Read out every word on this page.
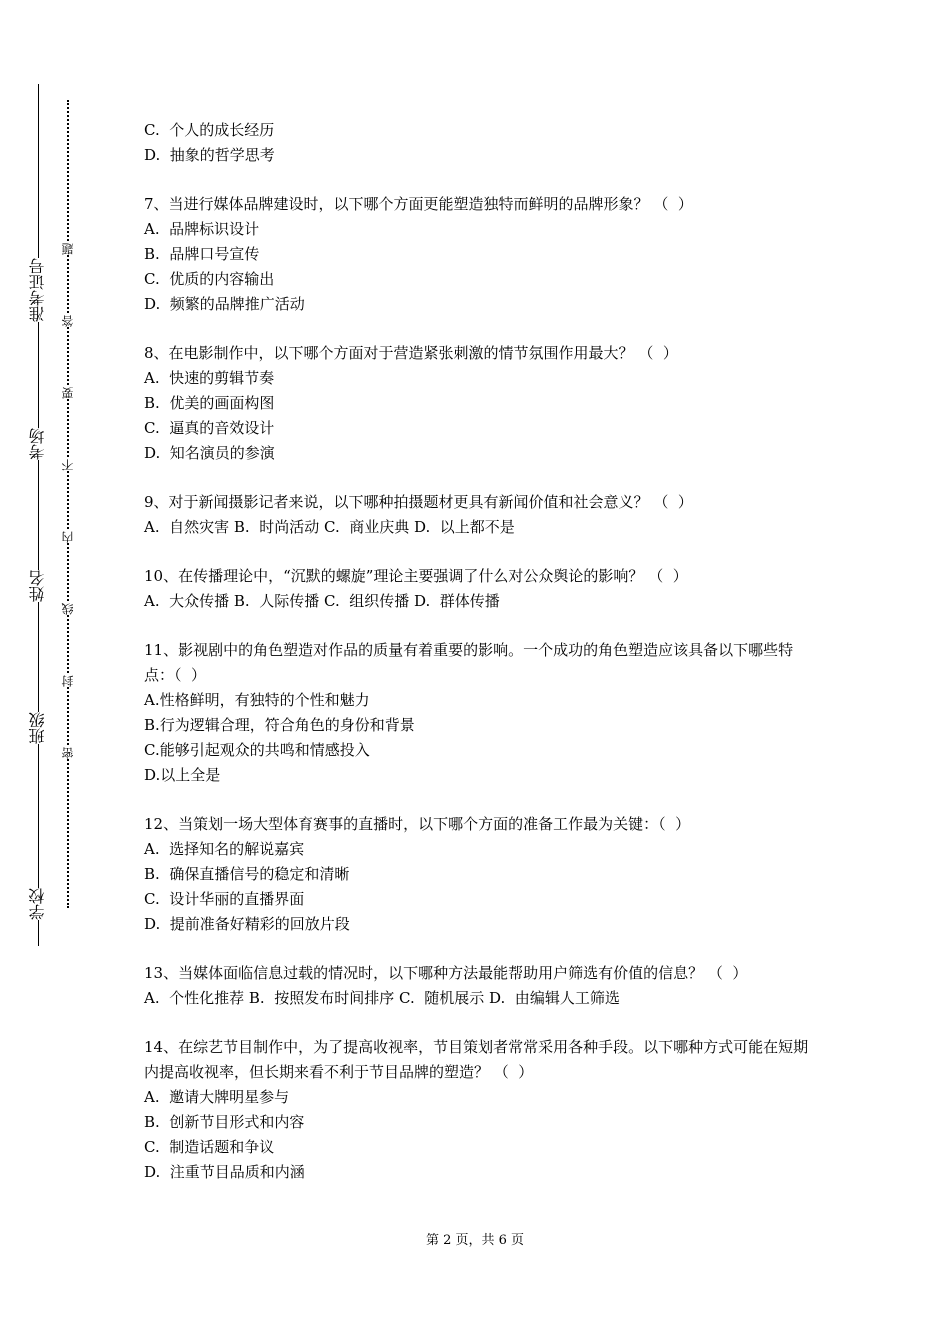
准考证号
考场
姓名
班级
学校
题
答
要
不
内
线
封
密
C.  个人的成长经历
D.  抽象的哲学思考
7、当进行媒体品牌建设时，以下哪个方面更能塑造独特而鲜明的品牌形象？ （  ）
A.  品牌标识设计
B.  品牌口号宣传
C.  优质的内容输出
D.  频繁的品牌推广活动
8、在电影制作中，以下哪个方面对于营造紧张刺激的情节氛围作用最大？ （  ）
A.  快速的剪辑节奏
B.  优美的画面构图
C.  逼真的音效设计
D.  知名演员的参演
9、对于新闻摄影记者来说，以下哪种拍摄题材更具有新闻价值和社会意义？ （  ）
A.  自然灾害 B.  时尚活动 C.  商业庆典 D.  以上都不是
10、在传播理论中，“沉默的螺旋”理论主要强调了什么对公众舆论的影响？ （  ）
A.  大众传播 B.  人际传播 C.  组织传播 D.  群体传播
11、影视剧中的角色塑造对作品的质量有着重要的影响。一个成功的角色塑造应该具备以下哪些特点：（  ）
A.性格鲜明，有独特的个性和魅力
B.行为逻辑合理，符合角色的身份和背景
C.能够引起观众的共鸣和情感投入
D.以上全是
12、当策划一场大型体育赛事的直播时，以下哪个方面的准备工作最为关键：（  ）
A.  选择知名的解说嘉宾
B.  确保直播信号的稳定和清晰
C.  设计华丽的直播界面
D.  提前准备好精彩的回放片段
13、当媒体面临信息过载的情况时，以下哪种方法最能帮助用户筛选有价值的信息？ （  ）
A.  个性化推荐 B.  按照发布时间排序 C.  随机展示 D.  由编辑人工筛选
14、在综艺节目制作中，为了提高收视率，节目策划者常常采用各种手段。以下哪种方式可能在短期内提高收视率，但长期来看不利于节目品牌的塑造？ （  ）
A.  邀请大牌明星参与
B.  创新节目形式和内容
C.  制造话题和争议
D.  注重节目品质和内涵
第 2 页，共 6 页
